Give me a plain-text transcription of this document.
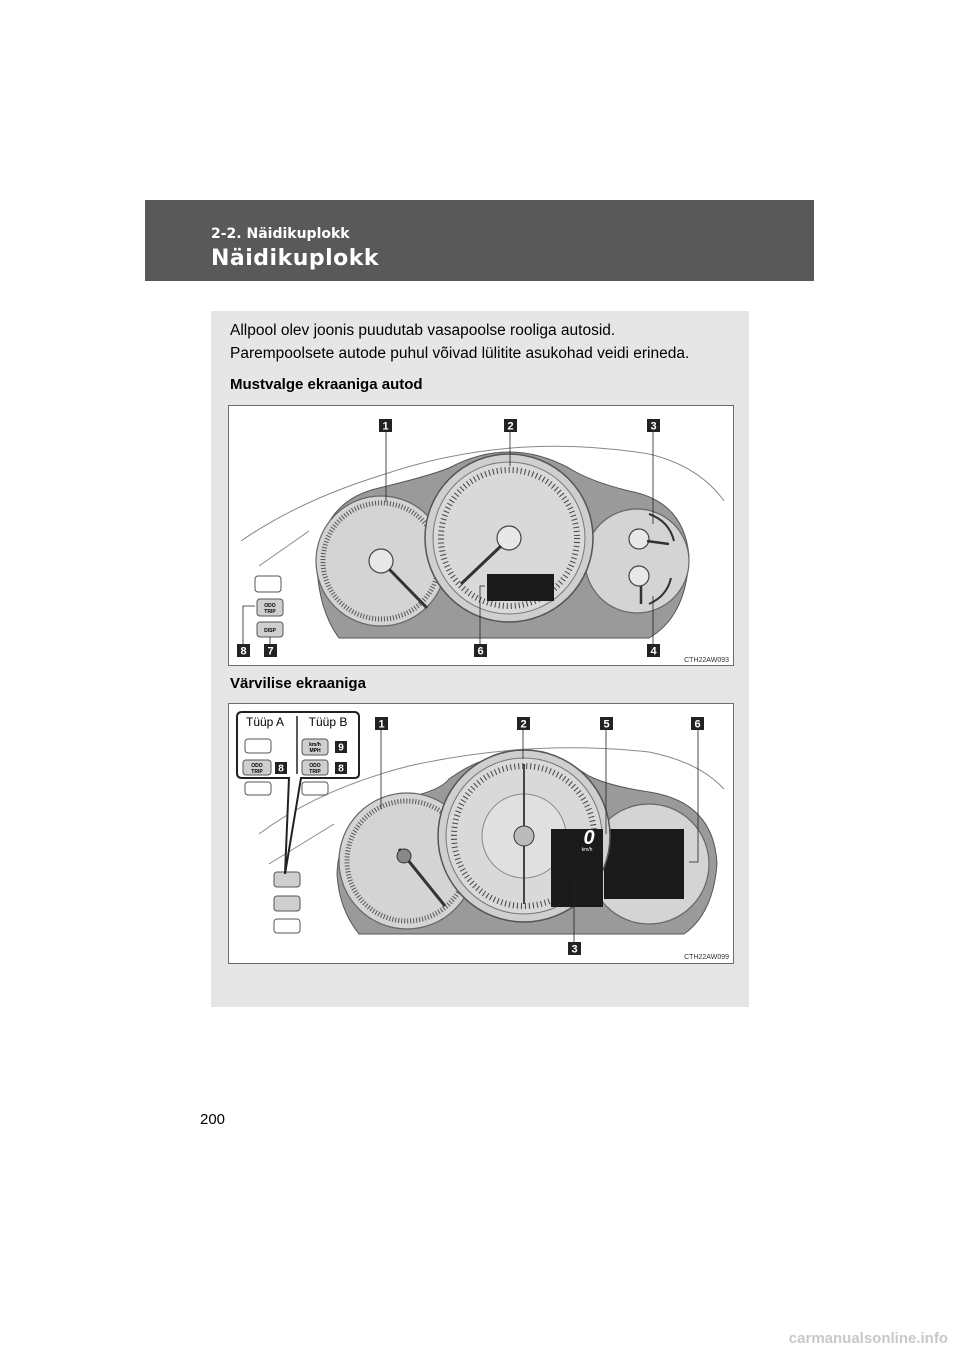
2-2. Näidikuplokk
Näidikuplokk
Allpool olev joonis puudutab vasapoolse rooliga autosid.
Parempoolsete autode puhul võivad lülitite asukohad veidi erineda.
Mustvalge ekraaniga autod
ODO
TRIP
DISP
1	2	3
4
6
7
8
CTH22AW093
Värvilise ekraaniga
0
km/h
Tüüp A Tüüp B
ODO
TRIP
km/h
MPH
ODO
TRIP
1	2
3
5	6
8	8
9
CTH22AW099
200
carmanualsonline.info
